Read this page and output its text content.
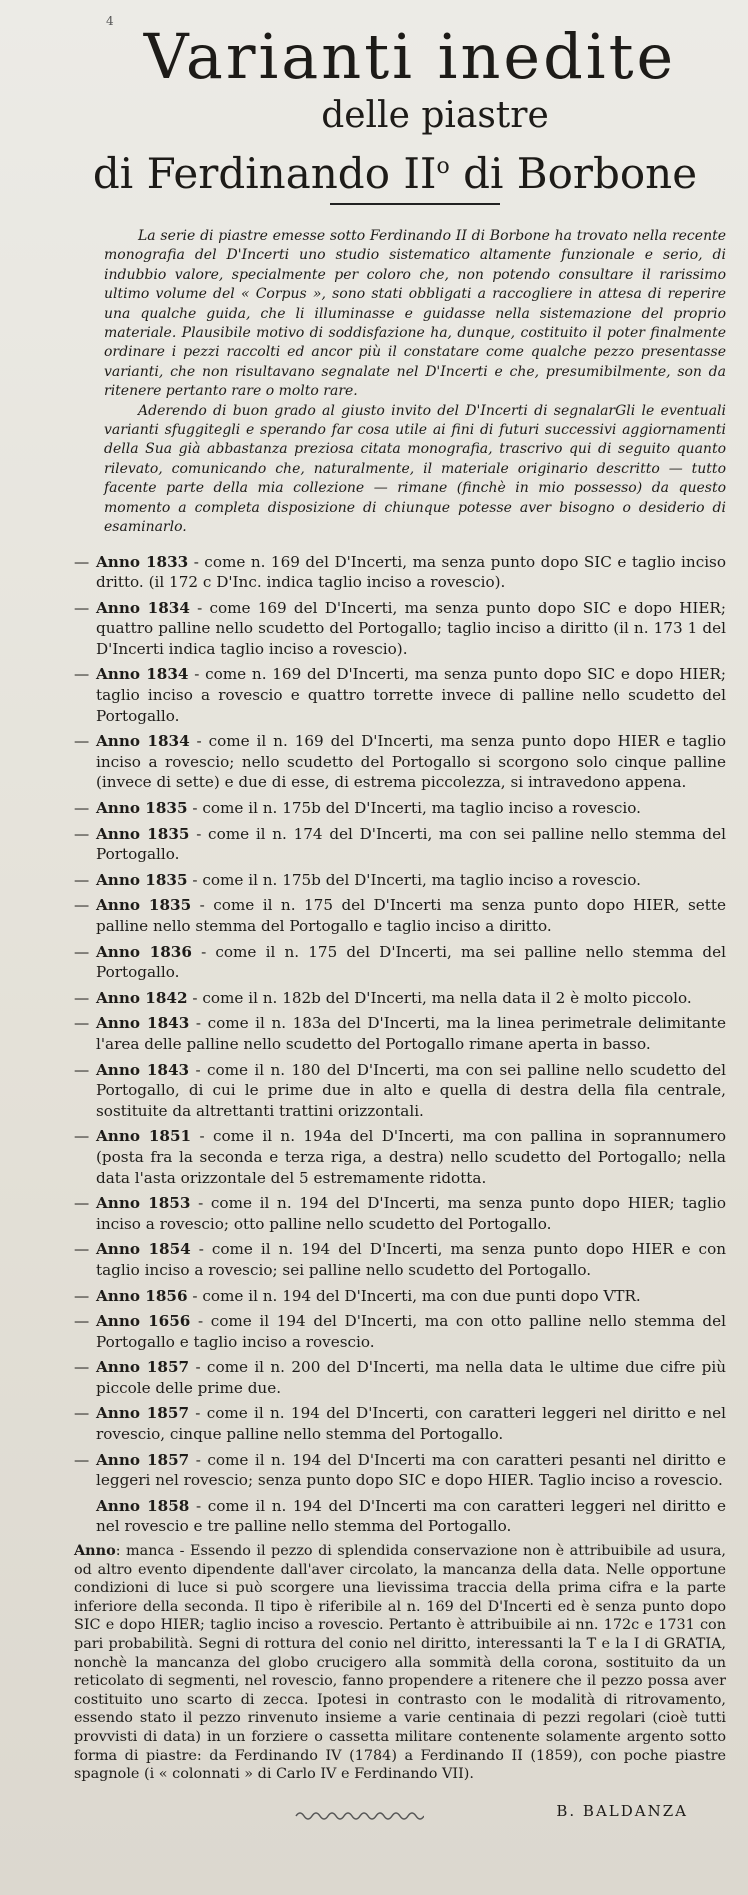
4 Varianti inedite
delle piastre
di Ferdinando $II^o$ di Borbone

La serie di piastre emesse sotto Ferdinando II di Borbone ha trovato nella recente monografia del D'Incerti uno studio sistematico altamente funzionale e serio, di indubbio valore, specialmente per coloro che, non potendo consultare il rarissimo ultimo volume del « Corpus », sono stati obbligati a raccogliere in attesa di reperire una qualche guida, che li illuminasse e guidasse nella sistemazione del proprio materiale. Plausibile motivo di soddisfazione ha, dunque, costituito il poter finalmente ordinare i pezzi raccolti ed ancor più il constatare come qualche pezzo presentasse varianti, che non risultavano segnalate nel D'Incerti e che, presumibilmente, son da ritenere pertanto rare o molto rare.

Aderendo di buon grado al giusto invito del D'Incerti di segnalarGli le eventuali varianti sfuggitegli e sperando far cosa utile ai fini di futuri successivi aggiornamenti della Sua già abbastanza preziosa citata monografia, trascrivo qui di seguito quanto rilevato, comunicando che, naturalmente, il materiale originario descritto — tutto facente parte della mia collezione — rimane (finchè in mio possesso) da questo momento a completa disposizione di chiunque potesse aver bisogno o desiderio di esaminarlo.

— Anno 1833 - come n. 169 del D'Incerti, ma senza punto dopo SIC e taglio inciso dritto. (il 172 c D'Inc. indica taglio inciso a rovescio).
— Anno 1834 - come 169 del D'Incerti, ma senza punto dopo SIC e dopo HIER; quattro palline nello scudetto del Portogallo; taglio inciso a diritto (il n. 173 1 del D'Incerti indica taglio inciso a rovescio).
— Anno 1834 - come n. 169 del D'Incerti, ma senza punto dopo SIC e dopo HIER; taglio inciso a rovescio e quattro torrette invece di palline nello scudetto del Portogallo.
— Anno 1834 - come il n. 169 del D'Incerti, ma senza punto dopo HIER e taglio inciso a rovescio; nello scudetto del Portogallo si scorgono solo cinque palline (invece di sette) e due di esse, di estrema piccolezza, si intravedono appena.
— Anno 1835 - come il n. 175b del D'Incerti, ma taglio inciso a rovescio.
— Anno 1835 - come il n. 174 del D'Incerti, ma con sei palline nello stemma del Portogallo.
— Anno 1835 - come il n. 175b del D'Incerti, ma taglio inciso a rovescio.
— Anno 1835 - come il n. 175 del D'Incerti ma senza punto dopo HIER, sette palline nello stemma del Portogallo e taglio inciso a diritto.
— Anno 1836 - come il n. 175 del D'Incerti, ma sei palline nello stemma del Portogallo.
— Anno 1842 - come il n. 182b del D'Incerti, ma nella data il 2 è molto piccolo.
— Anno 1843 - come il n. 183a del D'Incerti, ma la linea perimetrale delimitante l'area delle palline nello scudetto del Portogallo rimane aperta in basso.
— Anno 1843 - come il n. 180 del D'Incerti, ma con sei palline nello scudetto del Portogallo, di cui le prime due in alto e quella di destra della fila centrale, sostituite da altrettanti trattini orizzontali.
— Anno 1851 - come il n. 194a del D'Incerti, ma con pallina in soprannumero (posta fra la seconda e terza riga, a destra) nello scudetto del Portogallo; nella data l'asta orizzontale del 5 estremamente ridotta.
— Anno 1853 - come il n. 194 del D'Incerti, ma senza punto dopo HIER; taglio inciso a rovescio; otto palline nello scudetto del Portogallo.
— Anno 1854 - come il n. 194 del D'Incerti, ma senza punto dopo HIER e con taglio inciso a rovescio; sei palline nello scudetto del Portogallo.
— Anno 1856 - come il n. 194 del D'Incerti, ma con due punti dopo VTR.
— Anno 1656 - come il 194 del D'Incerti, ma con otto palline nello stemma del Portogallo e taglio inciso a rovescio.
— Anno 1857 - come il n. 200 del D'Incerti, ma nella data le ultime due cifre più piccole delle prime due.
— Anno 1857 - come il n. 194 del D'Incerti, con caratteri leggeri nel diritto e nel rovescio, cinque palline nello stemma del Portogallo.
— Anno 1857 - come il n. 194 del D'Incerti ma con caratteri pesanti nel diritto e leggeri nel rovescio; senza punto dopo SIC e dopo HIER. Taglio inciso a rovescio.
Anno 1858 - come il n. 194 del D'Incerti ma con caratteri leggeri nel diritto e nel rovescio e tre palline nello stemma del Portogallo.
Anno: manca - Essendo il pezzo di splendida conservazione non è attribuibile ad usura, od altro evento dipendente dall'aver circolato, la mancanza della data. Nelle opportune condizioni di luce si può scorgere una lievissima traccia della prima cifra e la parte inferiore della seconda. Il tipo è riferibile al n. 169 del D'Incerti ed è senza punto dopo SIC e dopo HIER; taglio inciso a rovescio. Pertanto è attribuibile ai nn. 172c e 1731 con pari probabilità. Segni di rottura del conio nel diritto, interessanti la T e la I di GRATIA, nonchè la mancanza del globo crucigero alla sommità della corona, sostituito da un reticolato di segmenti, nel rovescio, fanno propendere a ritenere che il pezzo possa aver costituito uno scarto di zecca. Ipotesi in contrasto con le modalità di ritrovamento, essendo stato il pezzo rinvenuto insieme a varie centinaia di pezzi regolari (cioè tutti provvisti di data) in un forziere o cassetta militare contenente solamente argento sotto forma di piastre: da Ferdinando IV (1784) a Ferdinando II (1859), con poche piastre spagnole (i « colonnati » di Carlo IV e Ferdinando VII).
B. BALDANZA
